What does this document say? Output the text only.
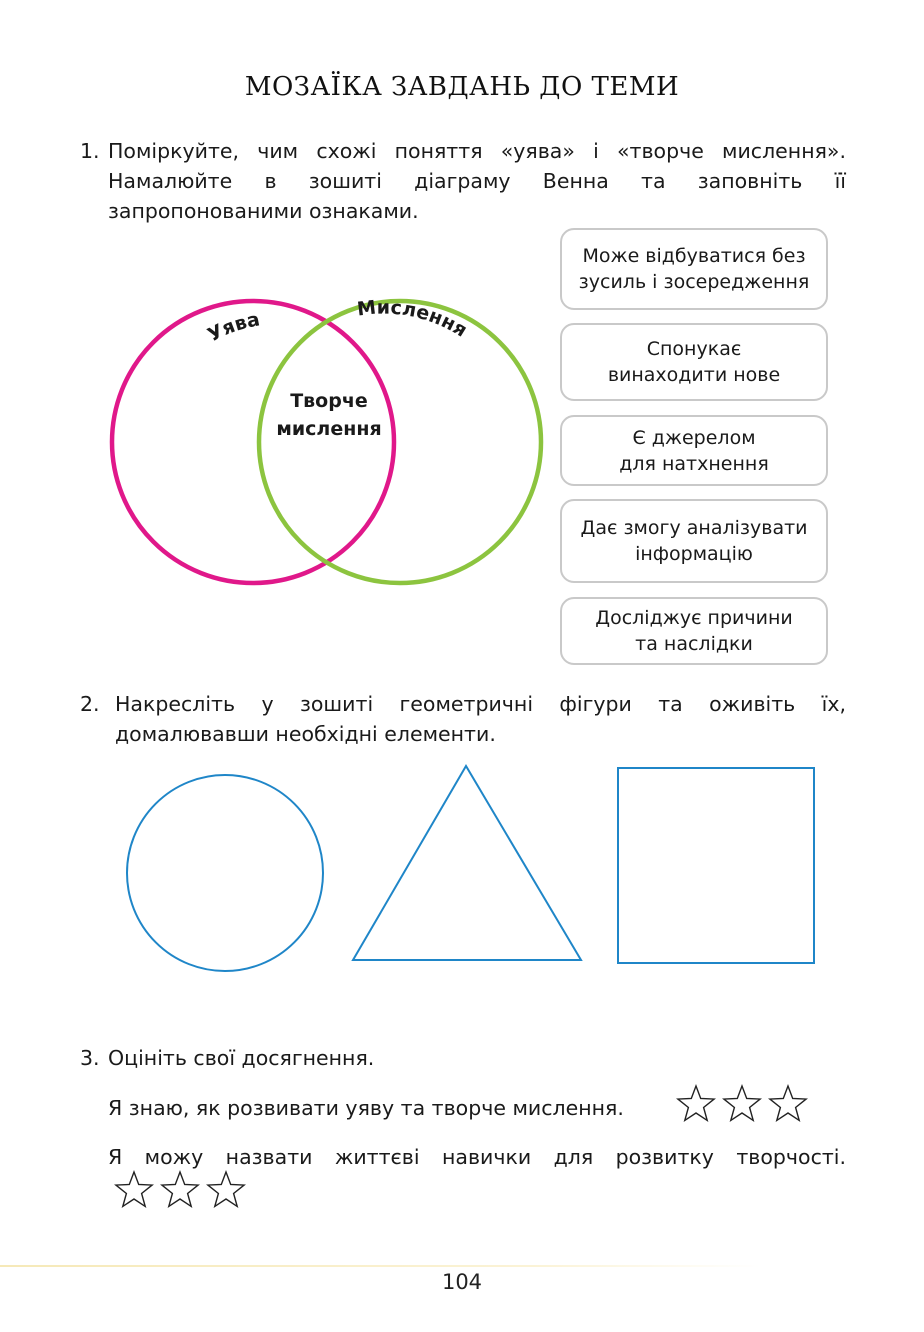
МОЗАЇКА ЗАВДАНЬ ДО ТЕМИ
1. Поміркуйте, чим схожі поняття «уява» і «творче мислення». Намалюйте в зошиті діаграму Венна та заповніть її запропонованими ознаками.
Уява	Мислення
Творче
мислення
Може відбуватися без
зусиль і зосередження
Спонукає
винаходити нове
Є джерелом
для натхнення
Дає змогу аналізувати
інформацію
Досліджує причини
та наслідки
2. Накресліть у зошиті геометричні фігури та оживіть їх, домалювавши необхідні елементи.
3. Оцініть свої досягнення.
Я знаю, як розвивати уяву та творче мислення.
Я можу назвати життєві навички для розвитку творчості.
104
